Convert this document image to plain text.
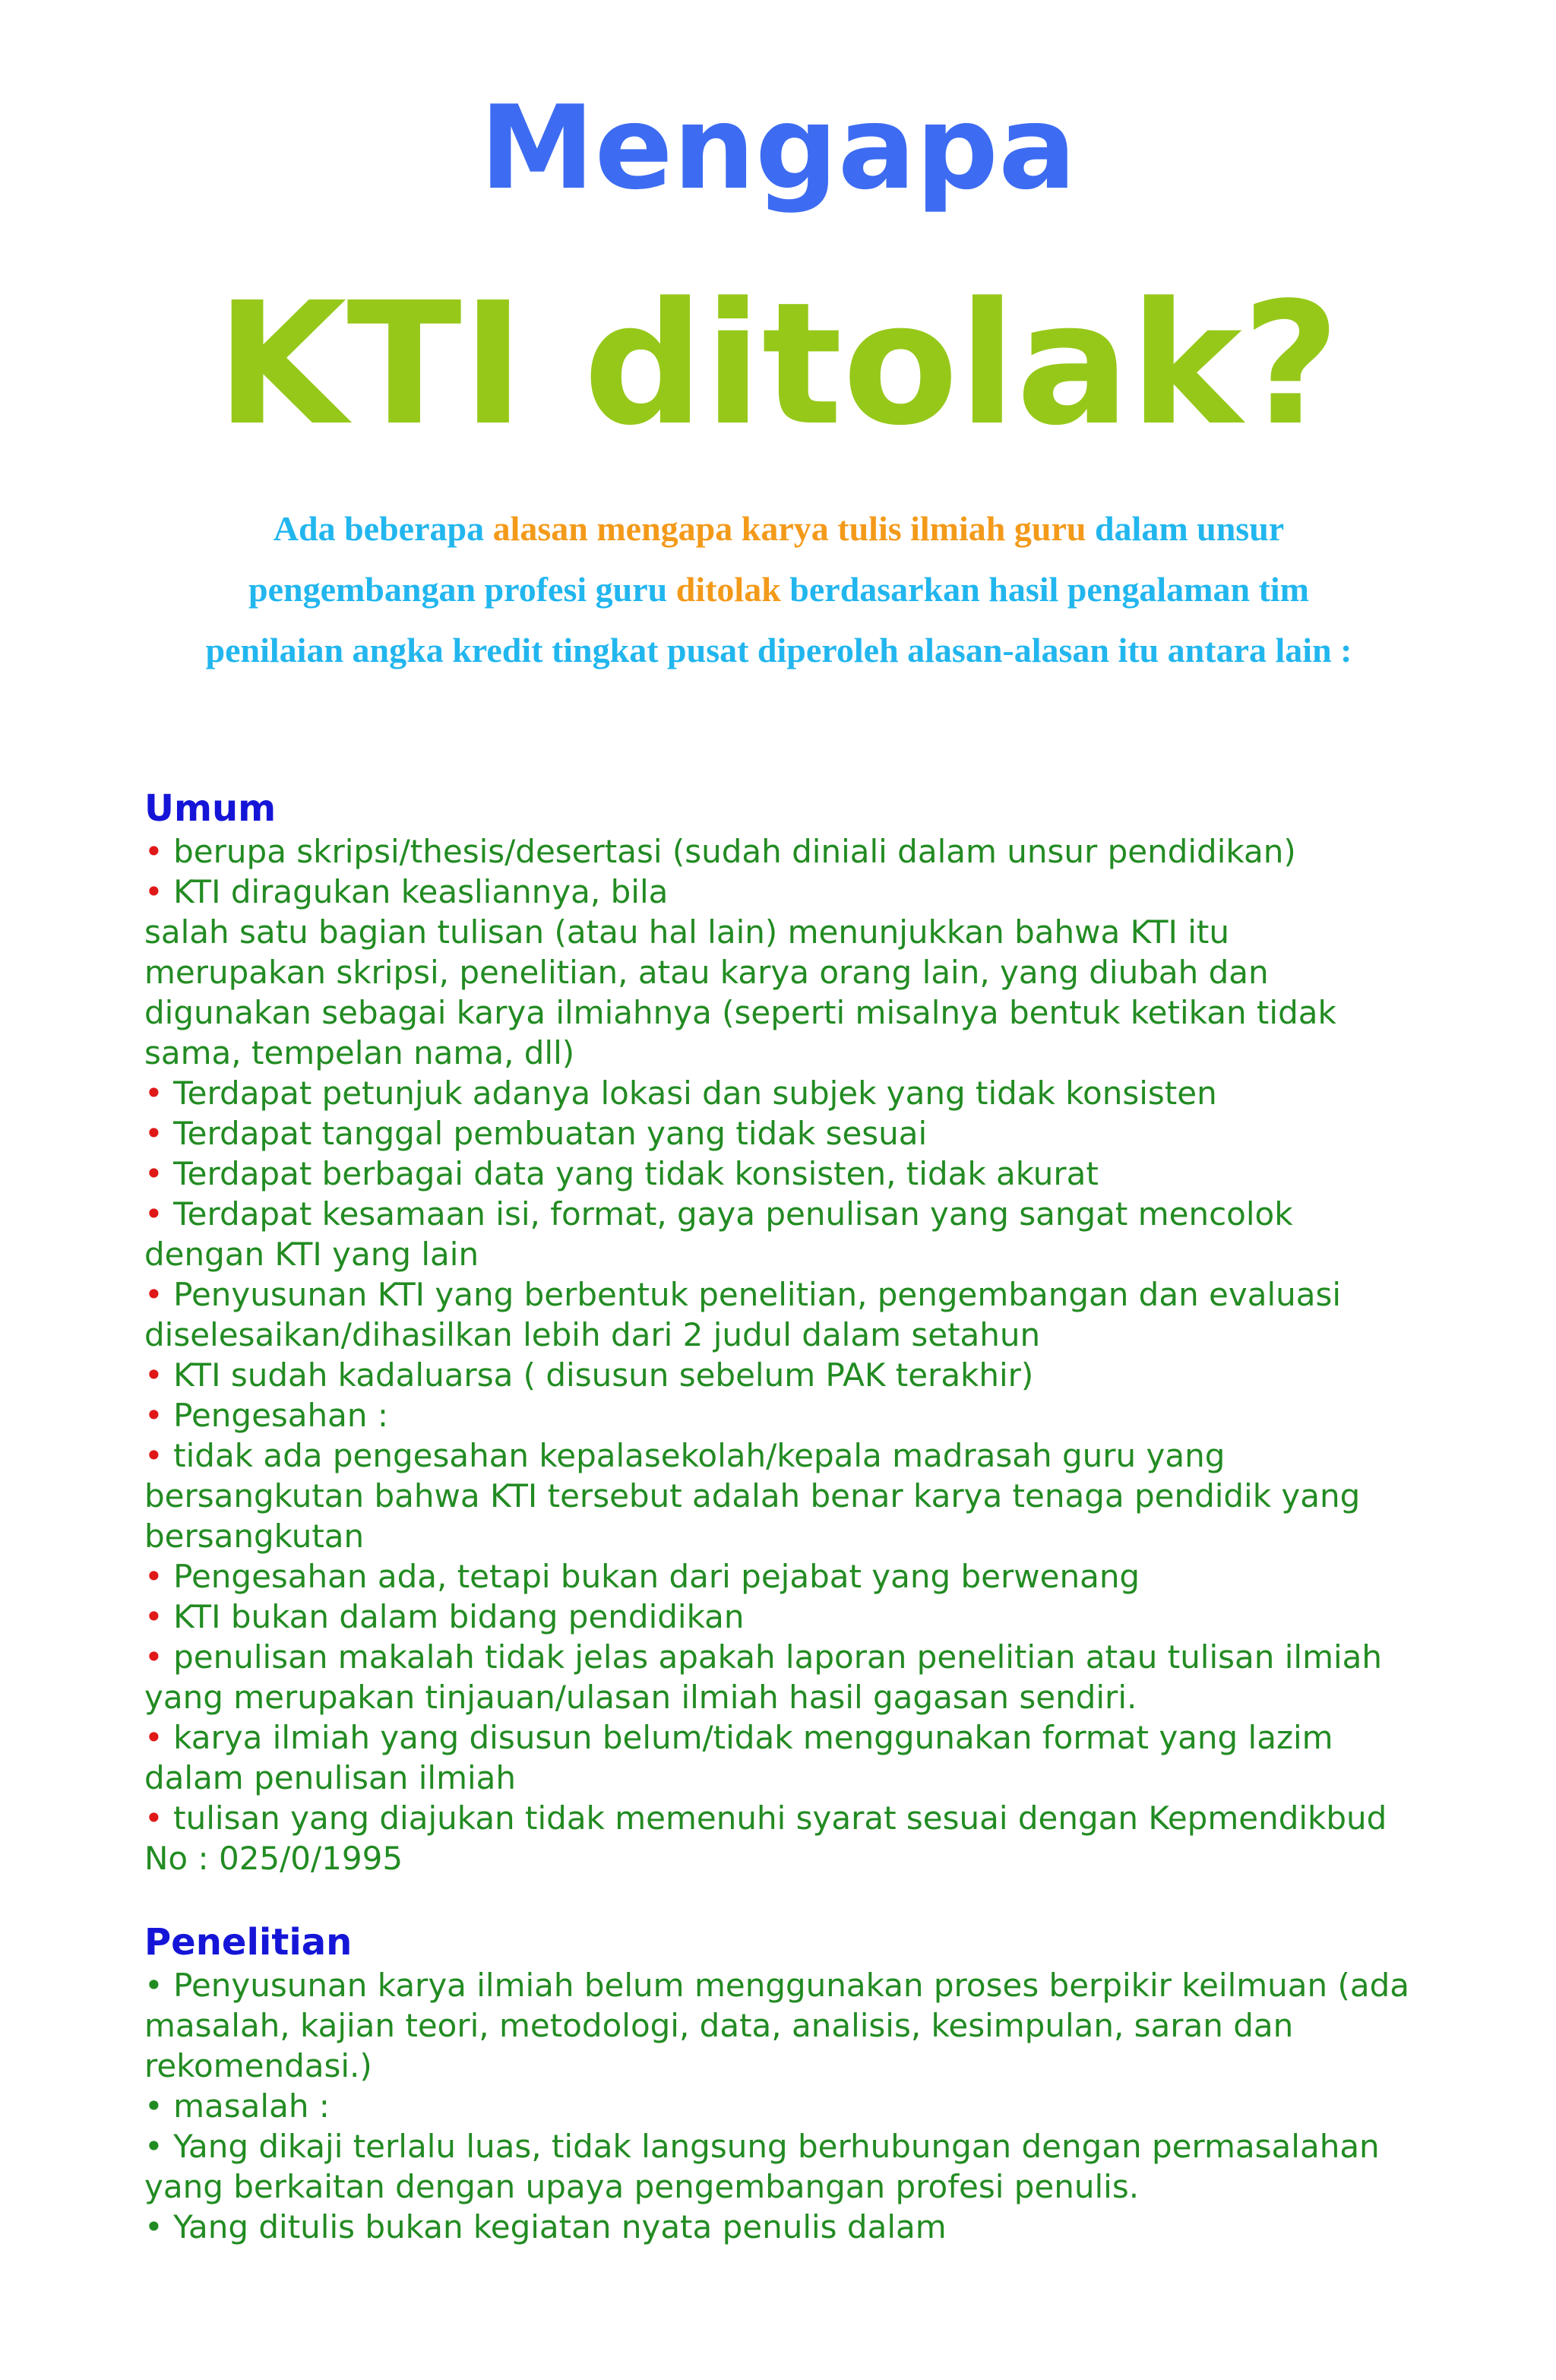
Mengapa
KTI ditolak?

Ada beberapa alasan mengapa karya tulis ilmiah guru dalam unsur pengembangan profesi guru ditolak berdasarkan hasil pengalaman tim penilaian angka kredit tingkat pusat diperoleh alasan-alasan itu antara lain :

Umum
• berupa skripsi/thesis/desertasi (sudah diniali dalam unsur pendidikan)
• KTI diragukan keasliannya, bila
salah satu bagian tulisan (atau hal lain) menunjukkan bahwa KTI itu merupakan skripsi, penelitian, atau karya orang lain, yang diubah dan digunakan sebagai karya ilmiahnya (seperti misalnya bentuk ketikan tidak sama, tempelan nama, dll)
• Terdapat petunjuk adanya lokasi dan subjek yang tidak konsisten
• Terdapat tanggal pembuatan yang tidak sesuai
• Terdapat berbagai data yang tidak konsisten, tidak akurat
• Terdapat kesamaan isi, format, gaya penulisan yang sangat mencolok dengan KTI yang lain
• Penyusunan KTI yang berbentuk penelitian, pengembangan dan evaluasi diselesaikan/dihasilkan lebih dari 2 judul dalam setahun
• KTI sudah kadaluarsa ( disusun sebelum PAK terakhir)
• Pengesahan :
• tidak ada pengesahan kepalasekolah/kepala madrasah guru yang bersangkutan bahwa KTI tersebut adalah benar karya tenaga pendidik yang bersangkutan
• Pengesahan ada, tetapi bukan dari pejabat yang berwenang
• KTI bukan dalam bidang pendidikan
• penulisan makalah tidak jelas apakah laporan penelitian atau tulisan ilmiah yang merupakan tinjauan/ulasan ilmiah hasil gagasan sendiri.
• karya ilmiah yang disusun belum/tidak menggunakan format yang lazim dalam penulisan ilmiah
• tulisan yang diajukan tidak memenuhi syarat sesuai dengan Kepmendikbud No : 025/0/1995
Penelitian
• Penyusunan karya ilmiah belum menggunakan proses berpikir keilmuan (ada masalah, kajian teori, metodologi, data, analisis, kesimpulan, saran dan rekomendasi.)
• masalah :
• Yang dikaji terlalu luas, tidak langsung berhubungan dengan permasalahan yang berkaitan dengan upaya pengembangan profesi penulis.
• Yang ditulis bukan kegiatan nyata penulis dalam
